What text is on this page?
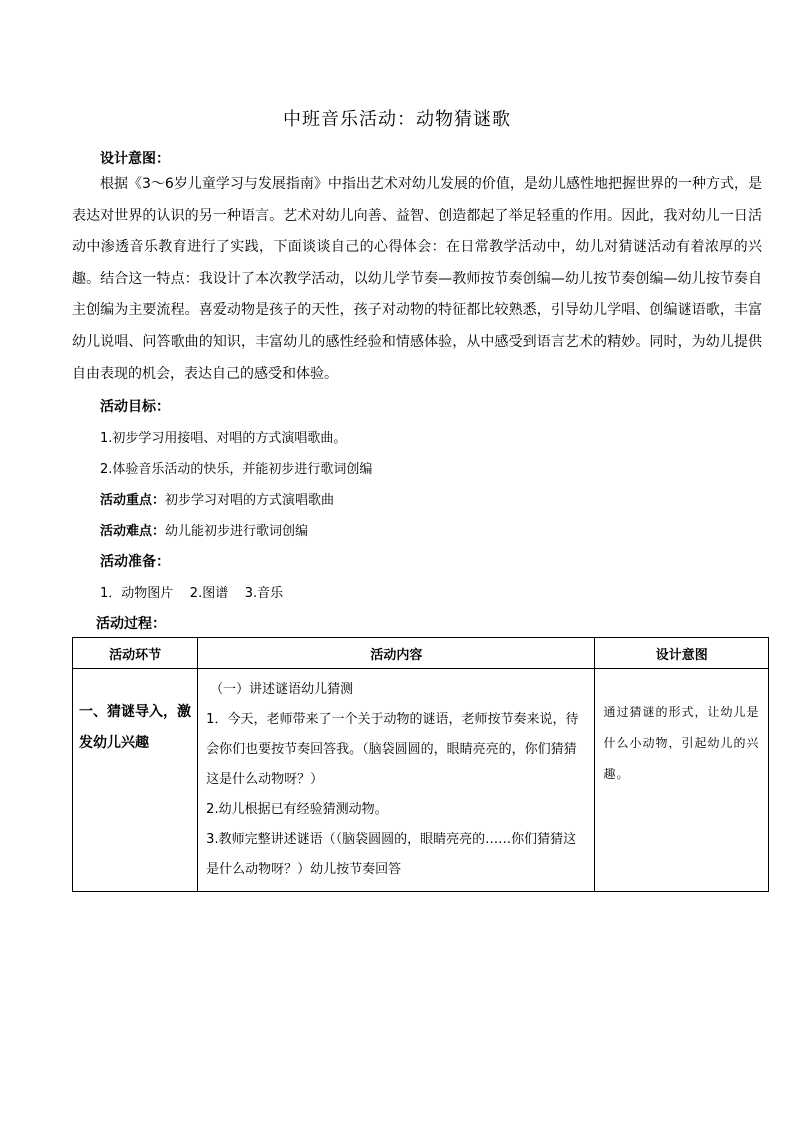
中班音乐活动：动物猜谜歌
设计意图：
根据《3～6岁儿童学习与发展指南》中指出艺术对幼儿发展的价值，是幼儿感性地把握世界的一种方式，是表达对世界的认识的另一种语言。艺术对幼儿向善、益智、创造都起了举足轻重的作用。因此，我对幼儿一日活动中渗透音乐教育进行了实践，下面谈谈自己的心得体会：在日常教学活动中，幼儿对猜谜活动有着浓厚的兴趣。结合这一特点：我设计了本次教学活动，以幼儿学节奏—教师按节奏创编—幼儿按节奏创编—幼儿按节奏自主创编为主要流程。喜爱动物是孩子的天性，孩子对动物的特征都比较熟悉，引导幼儿学唱、创编谜语歌，丰富幼儿说唱、问答歌曲的知识，丰富幼儿的感性经验和情感体验，从中感受到语言艺术的精妙。同时，为幼儿提供自由表现的机会，表达自己的感受和体验。
活动目标：
1.初步学习用接唱、对唱的方式演唱歌曲。
2.体验音乐活动的快乐，并能初步进行歌词创编
活动重点：初步学习对唱的方式演唱歌曲
活动难点：幼儿能初步进行歌词创编
活动准备：
1．动物图片    2.图谱    3.音乐
活动过程：
活动环节	活动内容	设计意图
一、猜谜导入，激发幼儿兴趣	（一）讲述谜语幼儿猜测
1．今天，老师带来了一个关于动物的谜语，老师按节奏来说，待会你们也要按节奏回答我。（脑袋圆圆的，眼睛亮亮的，你们猜猜这是什么动物呀？）
2.幼儿根据已有经验猜测动物。
3.教师完整讲述谜语（（脑袋圆圆的，眼睛亮亮的……你们猜猜这是什么动物呀？）幼儿按节奏回答	通过猜谜的形式，让幼儿是什么小动物，引起幼儿的兴趣。
